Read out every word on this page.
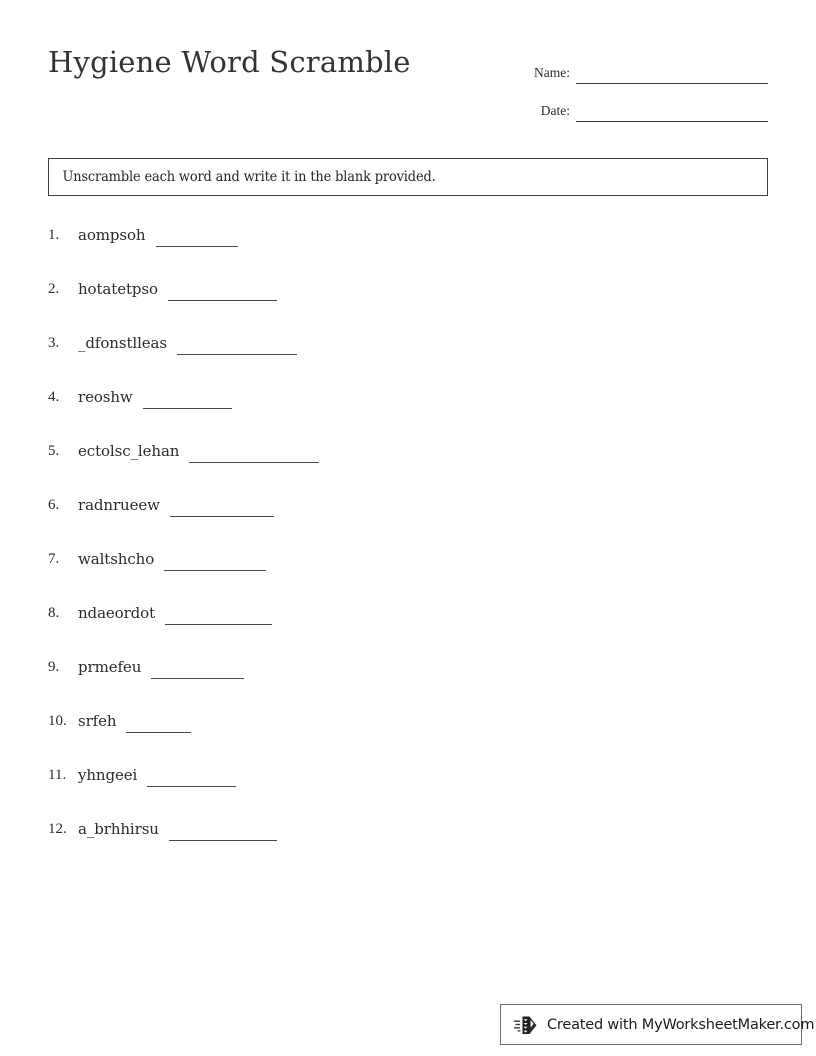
Hygiene Word Scramble	Name:
Date:
Unscramble each word and write it in the blank provided.
1.	aompsoh
2.	hotatetpso
3.	_dfonstlleas
4.	reoshw
5.	ectolsc_lehan
6.	radnrueew
7.	waltshcho
8.	ndaeordot
9.	prmefeu
10. srfeh
11. yhngeei
12. a_brhhirsu
Created with MyWorksheetMaker.com
